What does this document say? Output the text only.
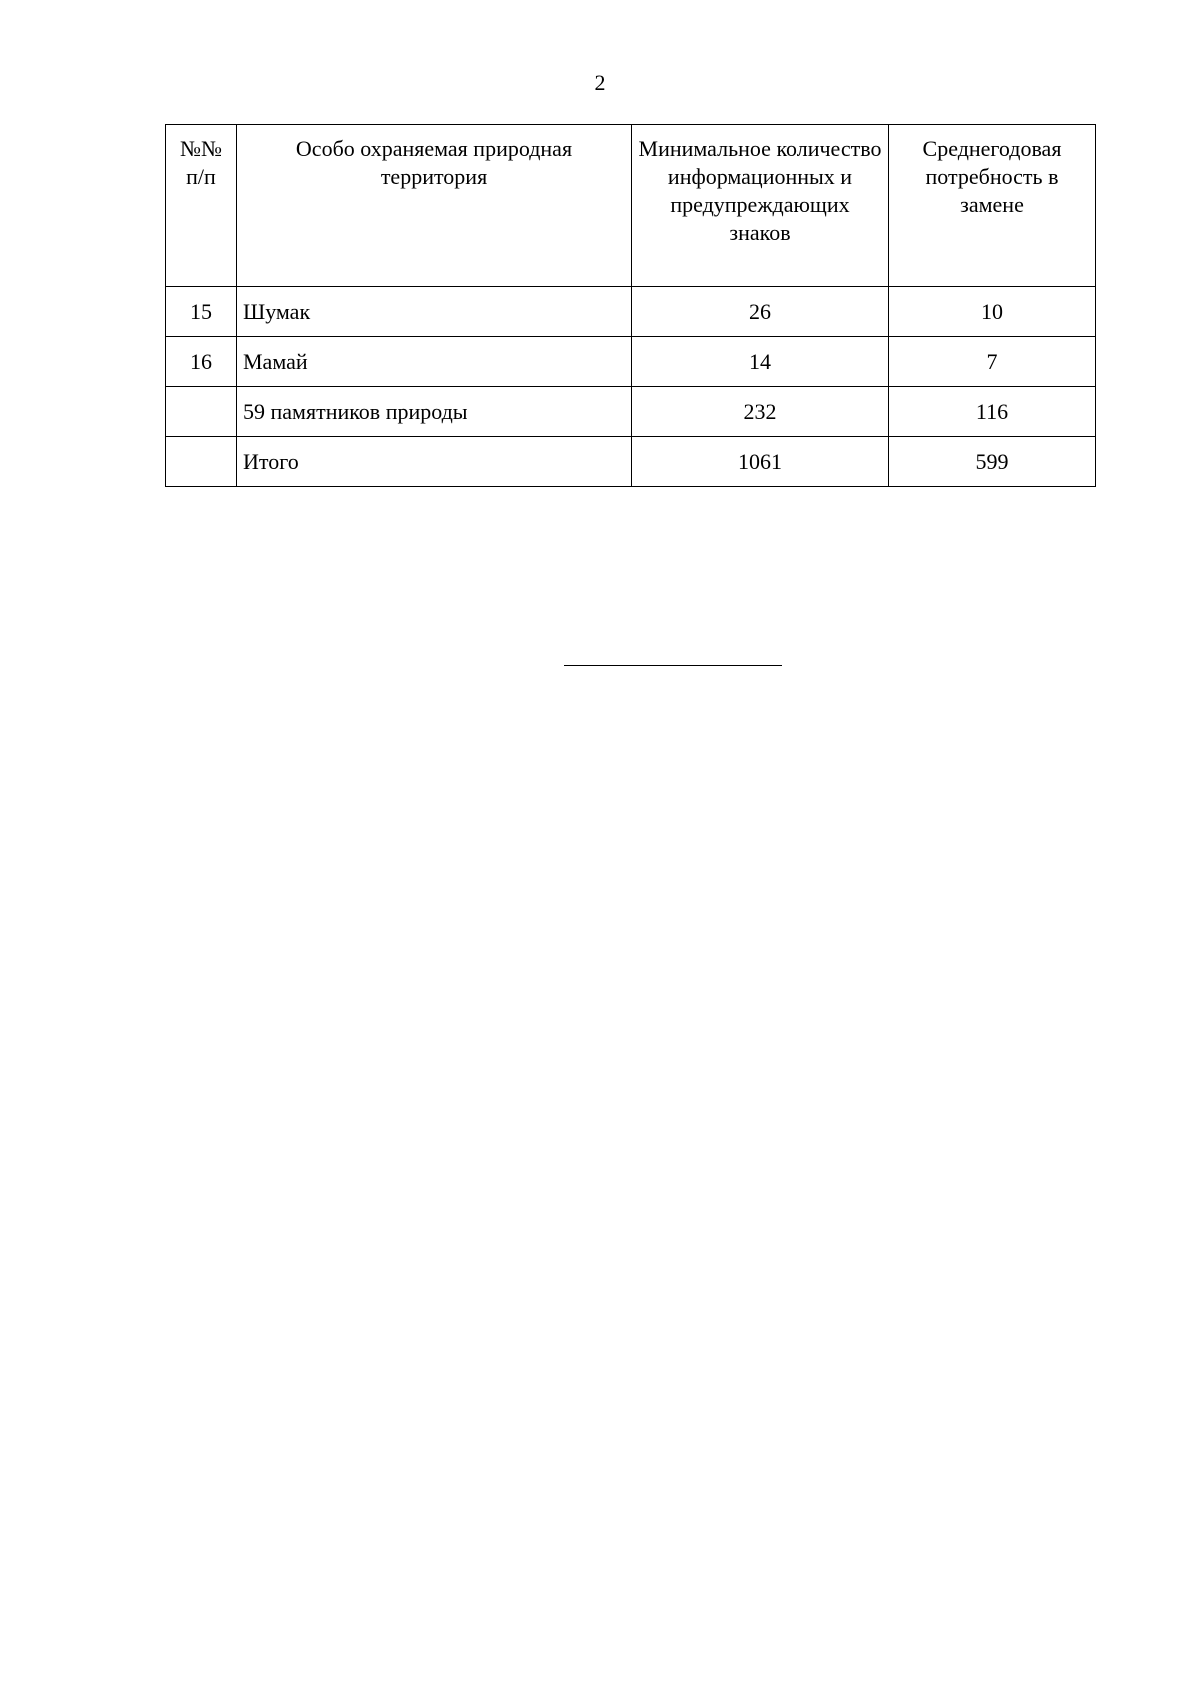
2
№№ п/п	Особо охраняемая природная территория	Минимальное количество информационных и предупреждающих знаков	Среднегодовая потребность в замене
15	Шумак	26	10
16	Мамай	14	7
	59 памятников природы	232	116
	Итого	1061	599
